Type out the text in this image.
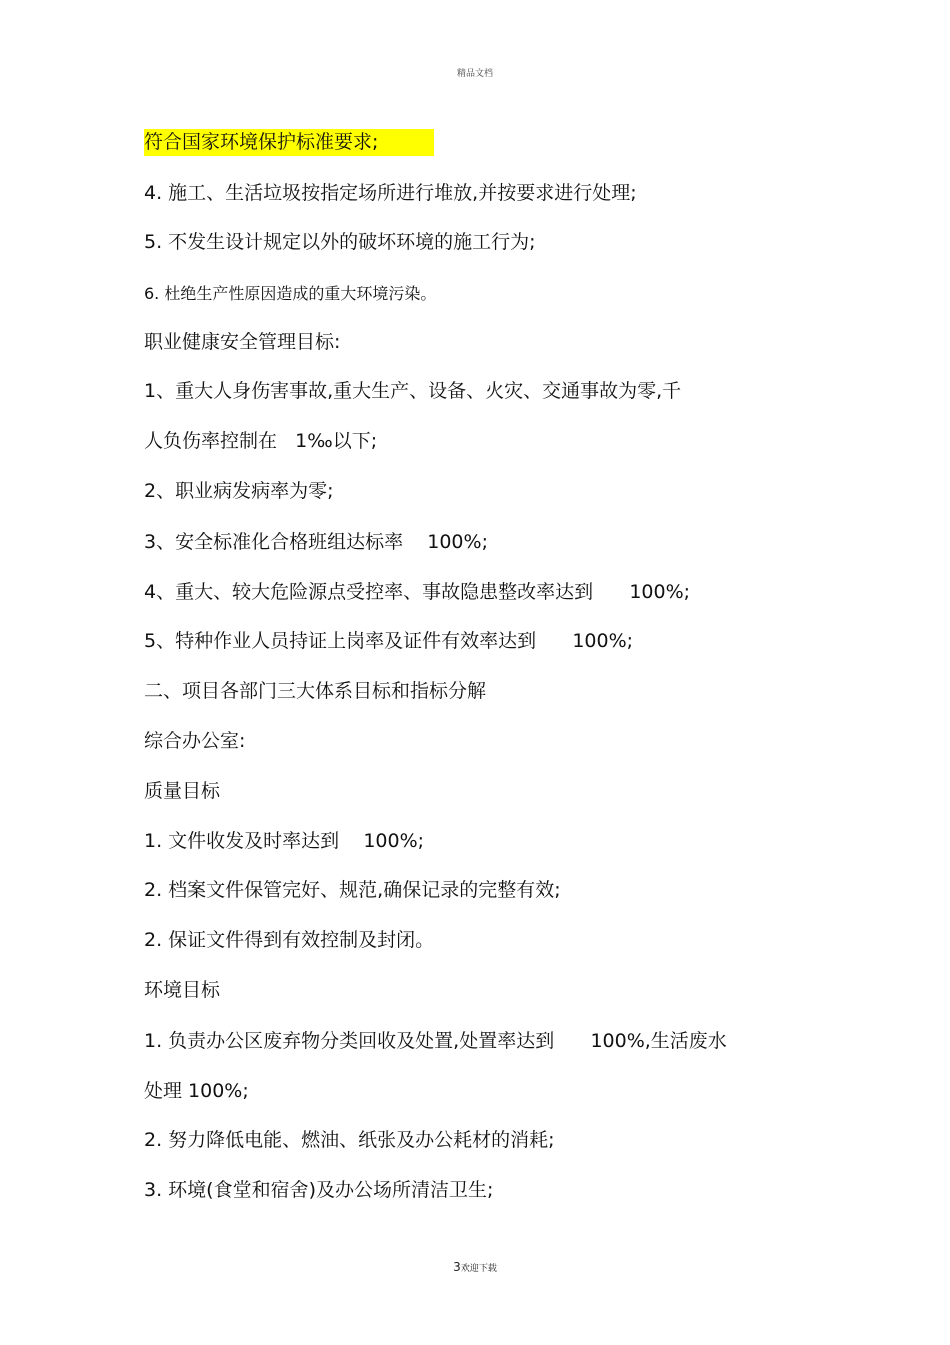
精品文档
符合国家环境保护标准要求;
4. 施工、生活垃圾按指定场所进行堆放,并按要求进行处理;
5. 不发生设计规定以外的破坏环境的施工行为;
6. 杜绝生产性原因造成的重大环境污染。
职业健康安全管理目标:
1、重大人身伤害事故,重大生产、设备、火灾、交通事故为零,千
人负伤率控制在   1‰以下;
2、职业病发病率为零;
3、安全标准化合格班组达标率    100%;
4、重大、较大危险源点受控率、事故隐患整改率达到      100%;
5、特种作业人员持证上岗率及证件有效率达到      100%;
二、项目各部门三大体系目标和指标分解
综合办公室:
质量目标
1. 文件收发及时率达到    100%;
2. 档案文件保管完好、规范,确保记录的完整有效;
2. 保证文件得到有效控制及封闭。
环境目标
1. 负责办公区废弃物分类回收及处置,处置率达到      100%,生活废水
处理 100%;
2. 努力降低电能、燃油、纸张及办公耗材的消耗;
3. 环境(食堂和宿舍)及办公场所清洁卫生;
3欢迎下载
